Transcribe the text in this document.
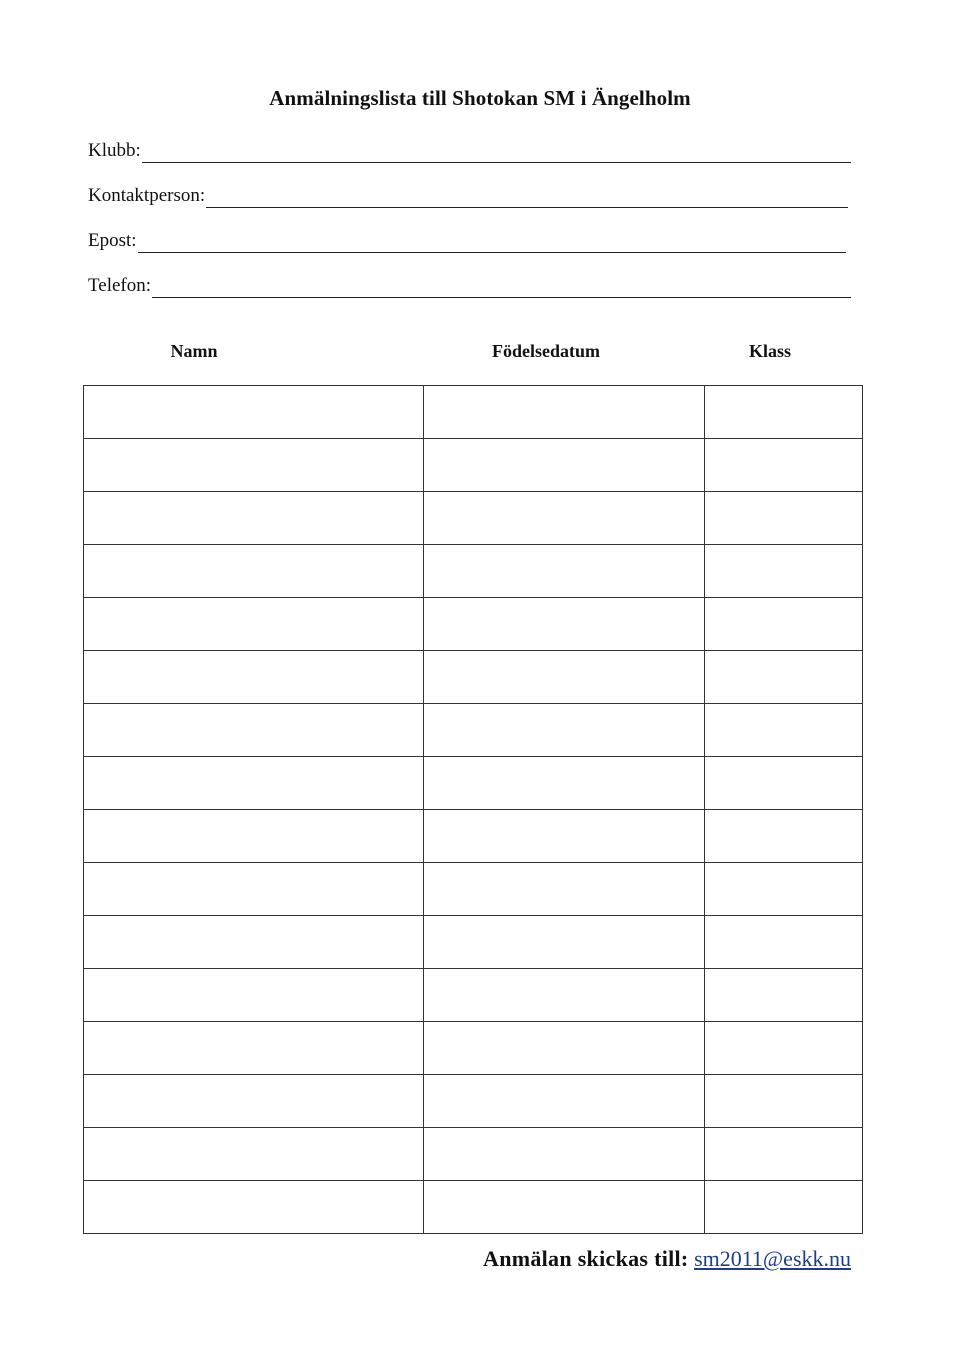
Anmälningslista till Shotokan SM i Ängelholm
Klubb:
Kontaktperson:
Epost:
Telefon:
Namn	Födelsedatum	Klass

Anmälan skickas till: sm2011@eskk.nu
